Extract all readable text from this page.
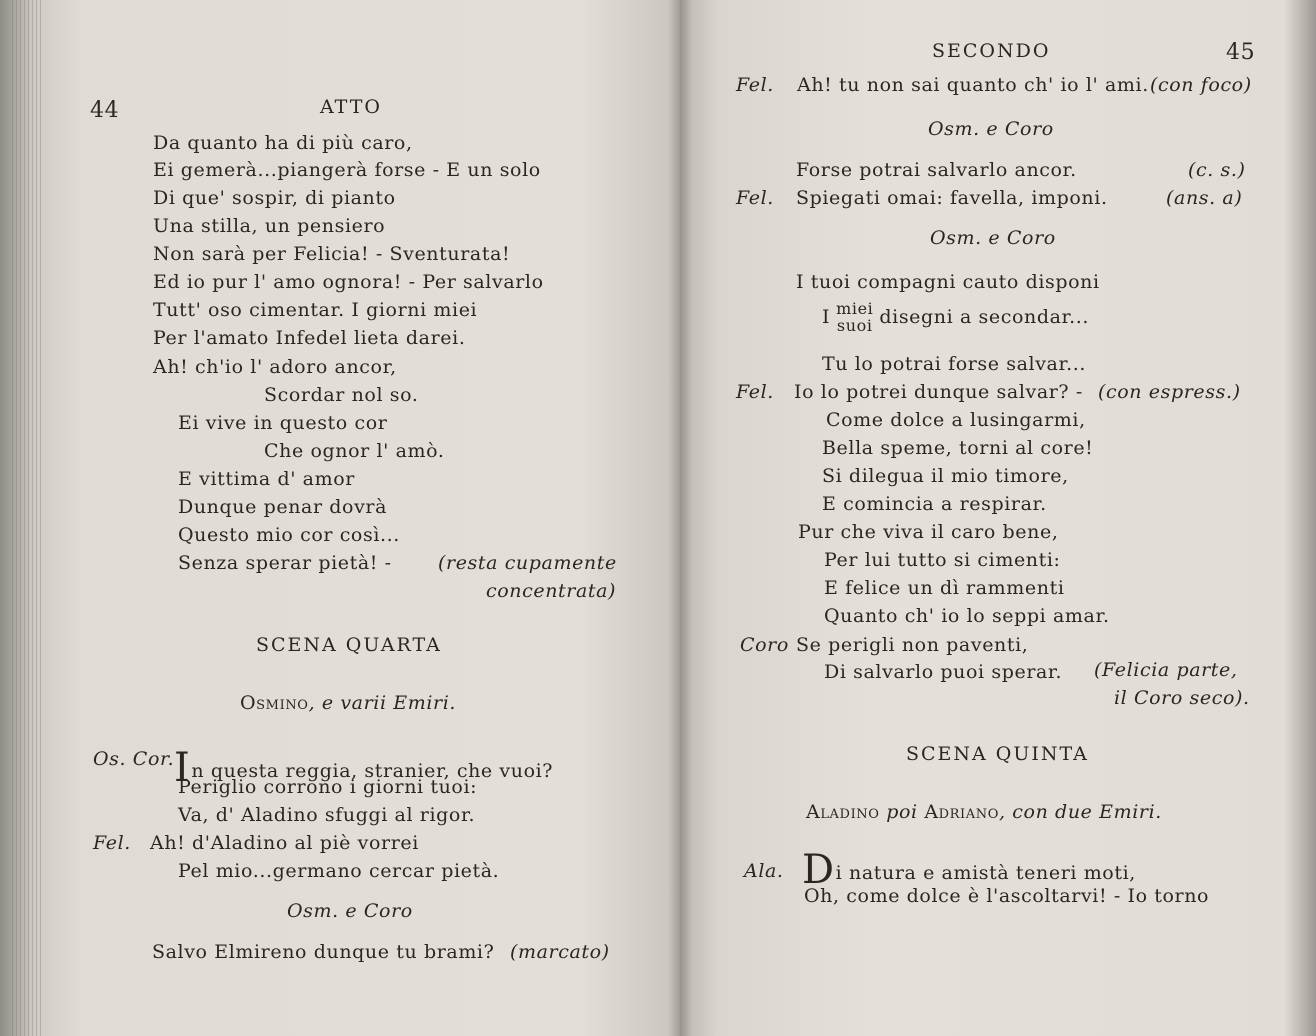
44	ATTO
Da quanto ha di più caro,
Ei gemerà...piangerà forse - E un solo
Di que' sospir, di pianto
Una stilla, un pensiero
Non sarà per Felicia! - Sventurata!
Ed io pur l' amo ognora! - Per salvarlo
Tutt' oso cimentar. I giorni miei
Per l'amato Infedel lieta darei.
Ah! ch'io l' adoro ancor,
Scordar nol so.
Ei vive in questo cor
Che ognor l' amò.
E vittima d' amor
Dunque penar dovrà
Questo mio cor così...
Senza sperar pietà! - (resta cupamente
concentrata)
SCENA QUARTA
Osmino, e varii Emiri.
Os. Cor. In questa reggia, stranier, che vuoi?
Periglio corrono i giorni tuoi:
Va, d' Aladino sfuggi al rigor.
Fel. Ah! d'Aladino al piè vorrei
Pel mio...germano cercar pietà.
Osm. e Coro
Salvo Elmireno dunque tu brami? (marcato)
SECONDO	45
Fel. Ah! tu non sai quanto ch' io l' ami. (con foco)
Osm. e Coro
Forse potrai salvarlo ancor.	(c. s.)
Fel. Spiegati omai: favella, imponi.	(ans. a)
Osm. e Coro
I tuoi compagni cauto disponi
I miei
suoi disegni a secondar...
Tu lo potrai forse salvar...
Fel. Io lo potrei dunque salvar? - (con espress.)
Come dolce a lusingarmi,
Bella speme, torni al core!
Si dilegua il mio timore,
E comincia a respirar.
Pur che viva il caro bene,
Per lui tutto si cimenti:
E felice un dì rammenti
Quanto ch' io lo seppi amar.
Coro Se perigli non paventi,
Di salvarlo puoi sperar. (Felicia parte,
il Coro seco).
SCENA QUINTA
Aladino poi Adriano, con due Emiri.
Ala. Di natura e amistà teneri moti,
Oh, come dolce è l'ascoltarvi! - Io torno
